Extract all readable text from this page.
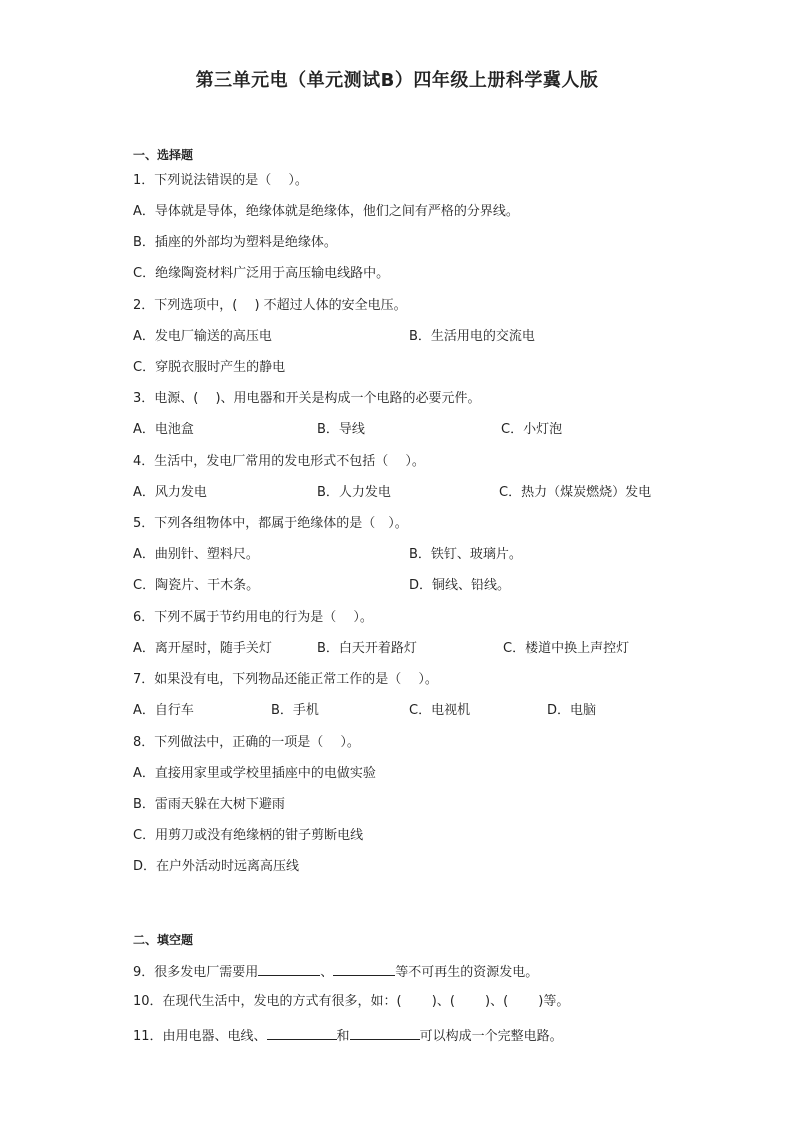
第三单元电（单元测试B）四年级上册科学冀人版
一、选择题
1．下列说法错误的是（　 ）。
A．导体就是导体，绝缘体就是绝缘体，他们之间有严格的分界线。
B．插座的外部均为塑料是绝缘体。
C．绝缘陶瓷材料广泛用于高压输电线路中。
2．下列选项中，(　 ) 不超过人体的安全电压。
A．发电厂输送的高压电	B．生活用电的交流电
C．穿脱衣服时产生的静电
3．电源、(　 )、用电器和开关是构成一个电路的必要元件。
A．电池盒	B．导线	C．小灯泡
4．生活中，发电厂常用的发电形式不包括（　 ）。
A．风力发电	B．人力发电	C．热力（煤炭燃烧）发电
5．下列各组物体中，都属于绝缘体的是（　）。
A．曲别针、塑料尺。	B．铁钉、玻璃片。
C．陶瓷片、干木条。	D．铜线、铅线。
6．下列不属于节约用电的行为是（　 ）。
A．离开屋时，随手关灯	B．白天开着路灯	C．楼道中换上声控灯
7．如果没有电，下列物品还能正常工作的是（　 ）。
A．自行车	B．手机	C．电视机	D．电脑
8．下列做法中，正确的一项是（　 ）。
A．直接用家里或学校里插座中的电做实验
B．雷雨天躲在大树下避雨
C．用剪刀或没有绝缘柄的钳子剪断电线
D．在户外活动时远离高压线
二、填空题
9．很多发电厂需要用	、	等不可再生的资源发电。
10．在现代生活中，发电的方式有很多，如：(　　 )、(　　 )、(　　 )等。
11．由用电器、电线、	和	可以构成一个完整电路。
